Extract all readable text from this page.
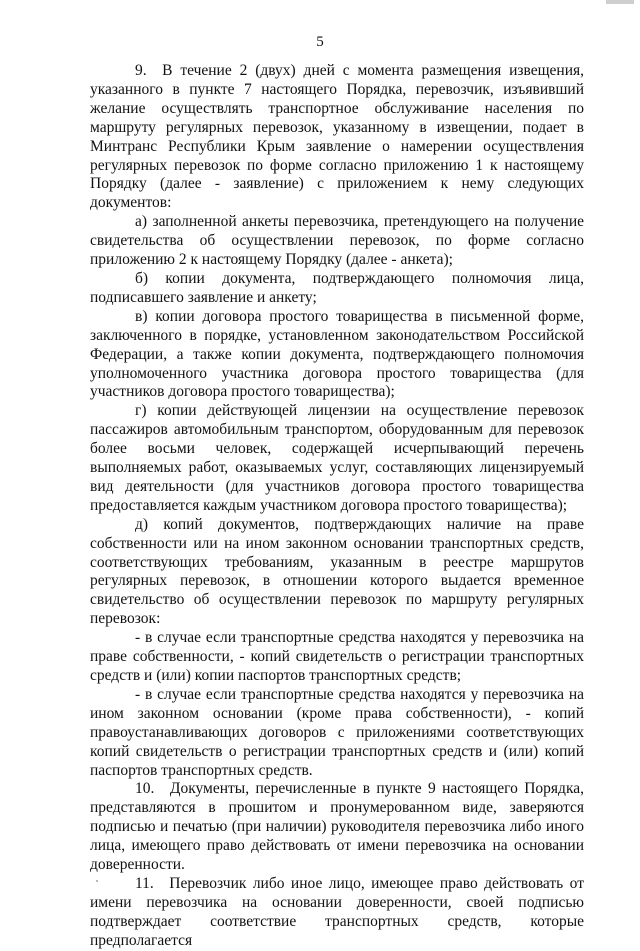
5

9. В течение 2 (двух) дней с момента размещения извещения, указанного в пункте 7 настоящего Порядка, перевозчик, изъявивший желание осуществлять транспортное обслуживание населения по маршруту регулярных перевозок, указанному в извещении, подает в Минтранс Республики Крым заявление о намерении осуществления регулярных перевозок по форме согласно приложению 1 к настоящему Порядку (далее - заявление) с приложением к нему следующих документов:

а) заполненной анкеты перевозчика, претендующего на получение свидетельства об осуществлении перевозок, по форме согласно приложению 2 к настоящему Порядку (далее - анкета);

б) копии документа, подтверждающего полномочия лица, подписавшего заявление и анкету;

в) копии договора простого товарищества в письменной форме, заключенного в порядке, установленном законодательством Российской Федерации, а также копии документа, подтверждающего полномочия уполномоченного участника договора простого товарищества (для участников договора простого товарищества);

г) копии действующей лицензии на осуществление перевозок пассажиров автомобильным транспортом, оборудованным для перевозок более восьми человек, содержащей исчерпывающий перечень выполняемых работ, оказываемых услуг, составляющих лицензируемый вид деятельности (для участников договора простого товарищества предоставляется каждым участником договора простого товарищества);

д) копий документов, подтверждающих наличие на праве собственности или на ином законном основании транспортных средств, соответствующих требованиям, указанным в реестре маршрутов регулярных перевозок, в отношении которого выдается временное свидетельство об осуществлении перевозок по маршруту регулярных перевозок:

- в случае если транспортные средства находятся у перевозчика на праве собственности, - копий свидетельств о регистрации транспортных средств и (или) копии паспортов транспортных средств;

- в случае если транспортные средства находятся у перевозчика на ином законном основании (кроме права собственности), - копий правоустанавливающих договоров с приложениями соответствующих копий свидетельств о регистрации транспортных средств и (или) копий паспортов транспортных средств.

10. Документы, перечисленные в пункте 9 настоящего Порядка, представляются в прошитом и пронумерованном виде, заверяются подписью и печатью (при наличии) руководителя перевозчика либо иного лица, имеющего право действовать от имени перевозчика на основании доверенности.

11. Перевозчик либо иное лицо, имеющее право действовать от имени перевозчика на основании доверенности, своей подписью подтверждает соответствие транспортных средств, которые предполагается
